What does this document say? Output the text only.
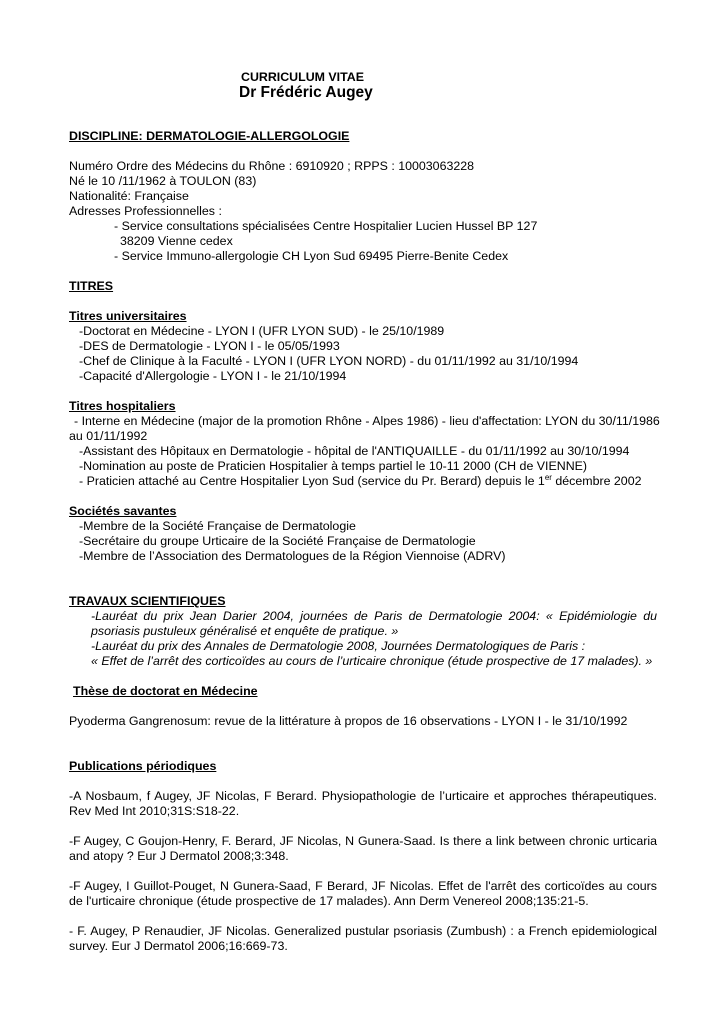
CURRICULUM VITAE
Dr Frédéric Augey
DISCIPLINE: DERMATOLOGIE-ALLERGOLOGIE
Numéro Ordre des Médecins du Rhône : 6910920 ; RPPS : 10003063228
Né le 10 /11/1962 à TOULON (83)
Nationalité: Française
Adresses Professionnelles :
- Service consultations spécialisées Centre Hospitalier Lucien Hussel BP 127
38209 Vienne cedex
- Service Immuno-allergologie CH Lyon Sud 69495 Pierre-Benite Cedex
TITRES
Titres universitaires
-Doctorat en Médecine - LYON I (UFR LYON SUD) - le 25/10/1989
-DES de Dermatologie - LYON I - le 05/05/1993
-Chef de Clinique à la Faculté - LYON I (UFR LYON NORD) - du 01/11/1992 au 31/10/1994
-Capacité d'Allergologie - LYON I - le 21/10/1994
Titres hospitaliers
- Interne en Médecine (major de la promotion Rhône - Alpes 1986) - lieu d'affectation: LYON du 30/11/1986
au 01/11/1992
-Assistant des Hôpitaux en Dermatologie - hôpital de l'ANTIQUAILLE - du 01/11/1992 au 30/10/1994
-Nomination au poste de Praticien Hospitalier à temps partiel le 10-11 2000 (CH de VIENNE)
- Praticien attaché au Centre Hospitalier Lyon Sud (service du Pr. Berard) depuis le 1er décembre 2002
Sociétés savantes
-Membre de la Société Française de Dermatologie
-Secrétaire du groupe Urticaire de la Société Française de Dermatologie
-Membre de l’Association des Dermatologues de la Région Viennoise (ADRV)
TRAVAUX SCIENTIFIQUES
-Lauréat du prix Jean Darier 2004, journées de Paris de Dermatologie 2004: « Epidémiologie du psoriasis pustuleux généralisé et enquête de pratique. »
-Lauréat du prix des Annales de Dermatologie 2008, Journées Dermatologiques de Paris :
« Effet de l’arrêt des corticoïdes au cours de l’urticaire chronique (étude prospective de 17 malades). »
Thèse de doctorat en Médecine
Pyoderma Gangrenosum: revue de la littérature à propos de 16 observations - LYON I - le 31/10/1992
Publications périodiques
-A Nosbaum, f Augey, JF Nicolas, F Berard. Physiopathologie de l’urticaire et approches thérapeutiques. Rev Med Int 2010;31S:S18-22.
-F Augey, C Goujon-Henry, F. Berard, JF Nicolas, N Gunera-Saad. Is there a link between chronic urticaria and atopy ? Eur J Dermatol 2008;3:348.
-F Augey, I Guillot-Pouget, N Gunera-Saad, F Berard, JF Nicolas. Effet de l'arrêt des corticoïdes au cours de l'urticaire chronique (étude prospective de 17 malades). Ann Derm Venereol 2008;135:21-5.
- F. Augey, P Renaudier, JF Nicolas. Generalized pustular psoriasis (Zumbush) : a French epidemiological survey. Eur J Dermatol 2006;16:669-73.
